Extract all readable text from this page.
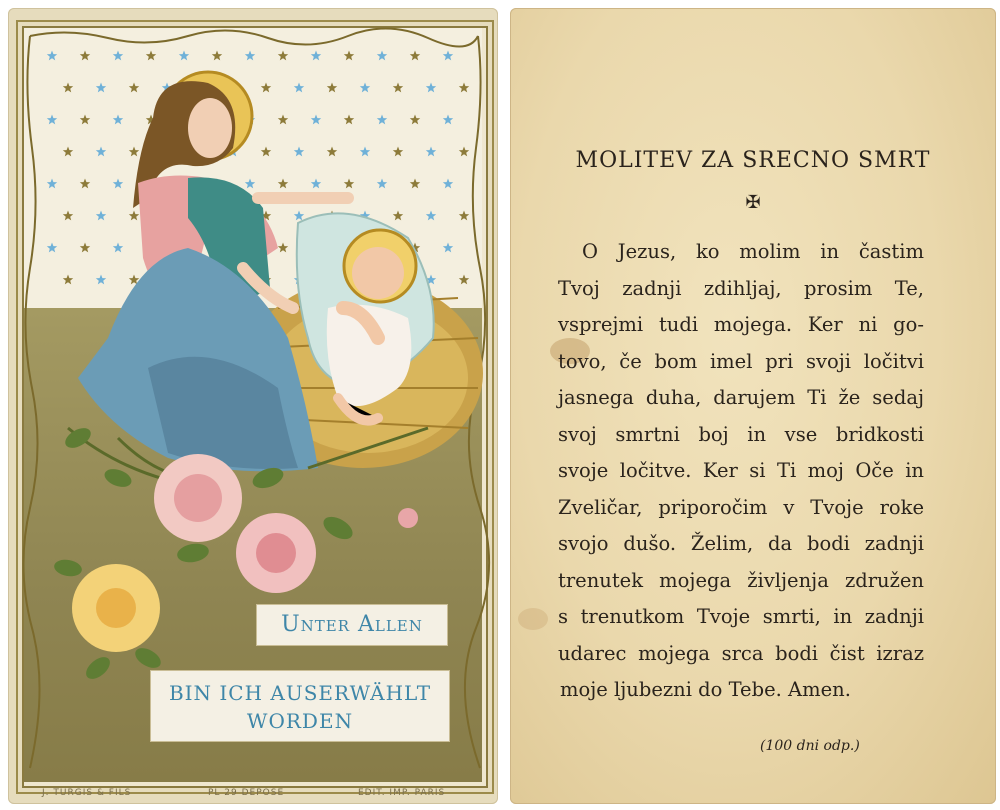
Unter Allen
BIN ICH AUSERWÄHLT
WORDEN
J. TURGIS & FILS	PL 29 DEPOSE	EDIT. IMP. PARIS
MOLITEV ZA SRECNO SMRT
✠
O Jezus, ko molim in častim
Tvoj zadnji zdihljaj, prosim Te,
vsprejmi tudi mojega. Ker ni go-
tovo, če bom imel pri svoji ločitvi
jasnega duha, darujem Ti že sedaj
svoj smrtni boj in vse bridkosti
svoje ločitve. Ker si Ti moj Oče in
Zveličar, priporočim v Tvoje roke
svojo dušo. Želim, da bodi zadnji
trenutek mojega življenja združen
s trenutkom Tvoje smrti, in zadnji
udarec mojega srca bodi čist izraz
moje ljubezni do Tebe. Amen.
(100 dni odp.)
